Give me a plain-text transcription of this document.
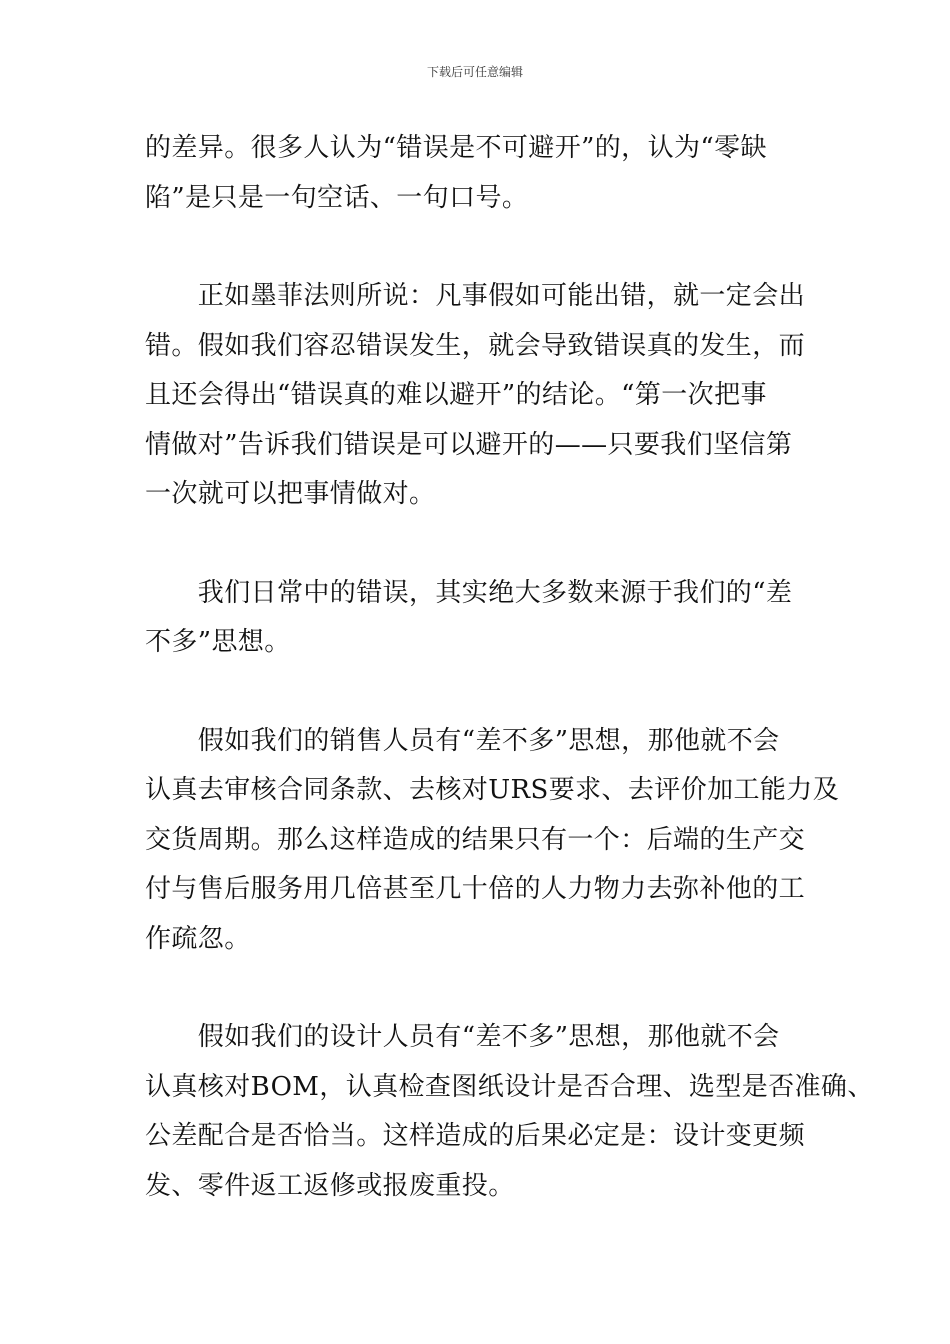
下载后可任意编辑

的差异。很多人认为“错误是不可避开”的，认为“零缺
陷”是只是一句空话、一句口号。

　　正如墨菲法则所说：凡事假如可能出错，就一定会出
错。假如我们容忍错误发生，就会导致错误真的发生，而
且还会得出“错误真的难以避开”的结论。“第一次把事
情做对”告诉我们错误是可以避开的——只要我们坚信第
一次就可以把事情做对。

　　我们日常中的错误，其实绝大多数来源于我们的“差
不多”思想。

　　假如我们的销售人员有“差不多”思想，那他就不会
认真去审核合同条款、去核对URS要求、去评价加工能力及
交货周期。那么这样造成的结果只有一个：后端的生产交
付与售后服务用几倍甚至几十倍的人力物力去弥补他的工
作疏忽。

　　假如我们的设计人员有“差不多”思想，那他就不会
认真核对BOM，认真检查图纸设计是否合理、选型是否准确、
公差配合是否恰当。这样造成的后果必定是：设计变更频
发、零件返工返修或报废重投。
